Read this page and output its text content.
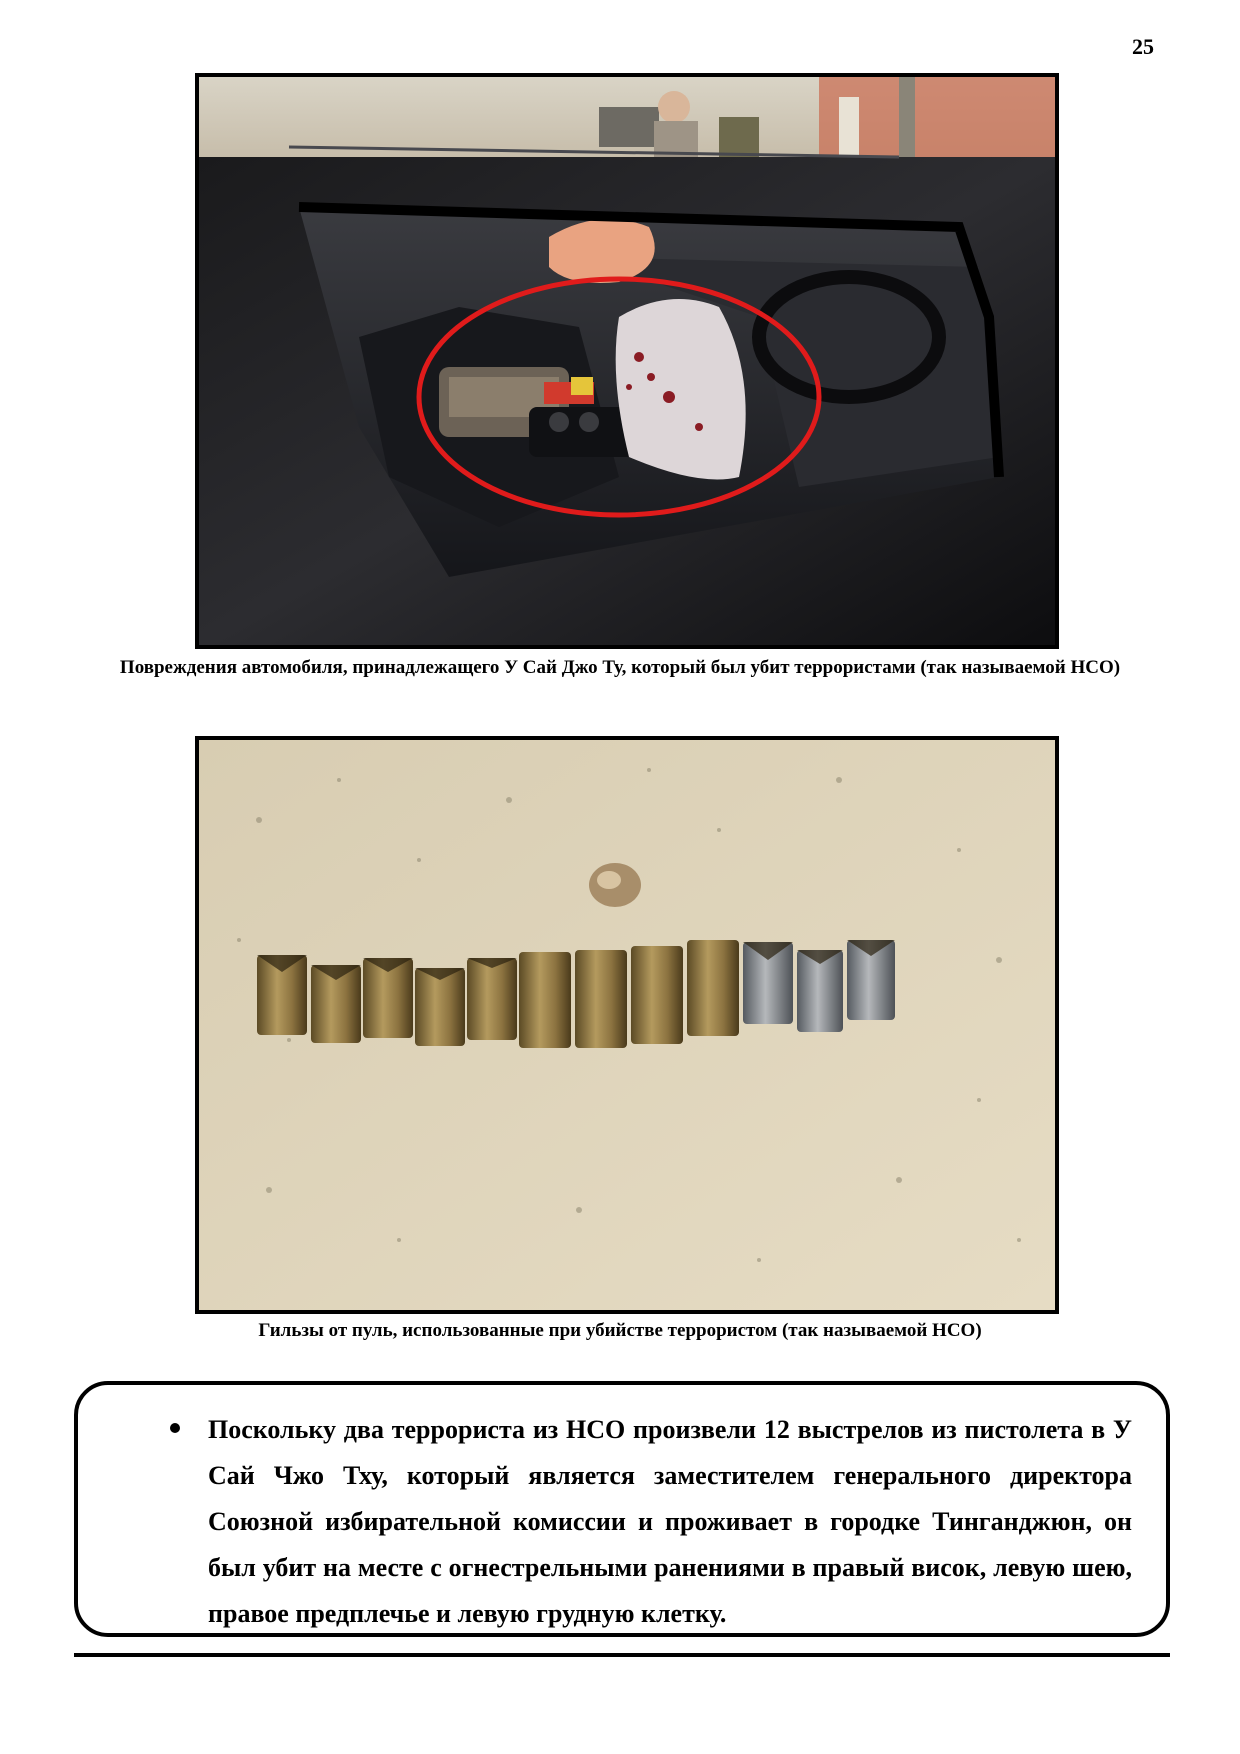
25
Повреждения автомобиля, принадлежащего У Сай Джо Ту, который был убит террористами (так называемой НСО)
Гильзы от пуль, использованные при убийстве террористом (так называемой НСО)

Поскольку два террориста из НСО произвели 12 выстрелов из пистолета в У Сай Чжо Тху, который является заместителем генерального директора Союзной избирательной комиссии и проживает в городке Тинганджюн, он был убит на месте с огнестрельными ранениями в правый висок, левую шею, правое предплечье и левую грудную клетку.
